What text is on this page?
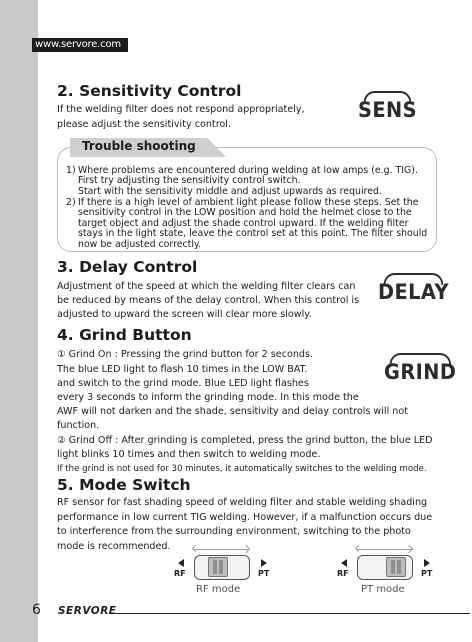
www.servore.com
2. Sensitivity Control
If the welding filter does not respond appropriately,
please adjust the sensitivity control.
SENS
Trouble shooting
1) Where problems are encountered during welding at low amps (e.g. TIG).
First try adjusting the sensitivity control switch.
Start with the sensitivity middle and adjust upwards as required.
2) If there is a high level of ambient light please follow these steps. Set the
sensitivity control in the LOW position and hold the helmet close to the
target object and adjust the shade control upward. If the welding filter
stays in the light state, leave the control set at this point. The filter should
now be adjusted correctly.
3. Delay Control
Adjustment of the speed at which the welding filter clears can
be reduced by means of the delay control. When this control is
adjusted to upward the screen will clear more slowly.
DELAY
4. Grind Button
① Grind On : Pressing the grind button for 2 seconds.
The blue LED light to flash 10 times in the LOW BAT.
and switch to the grind mode. Blue LED light flashes
every 3 seconds to inform the grinding mode. In this mode the
AWF will not darken and the shade, sensitivity and delay controls will not
function.
② Grind Off : After grinding is completed, press the grind button, the blue LED
light blinks 10 times and then switch to welding mode.
If the grind is not used for 30 minutes, it automatically switches to the welding mode.
GRIND
5. Mode Switch
RF sensor for fast shading speed of welding filter and stable welding shading
performance in low current TIG welding. However, if a malfunction occurs due
to interference from the surrounding environment, switching to the photo
mode is recommended.
RF	PT
RF mode
RF	PT
PT mode
6 SERVORE
